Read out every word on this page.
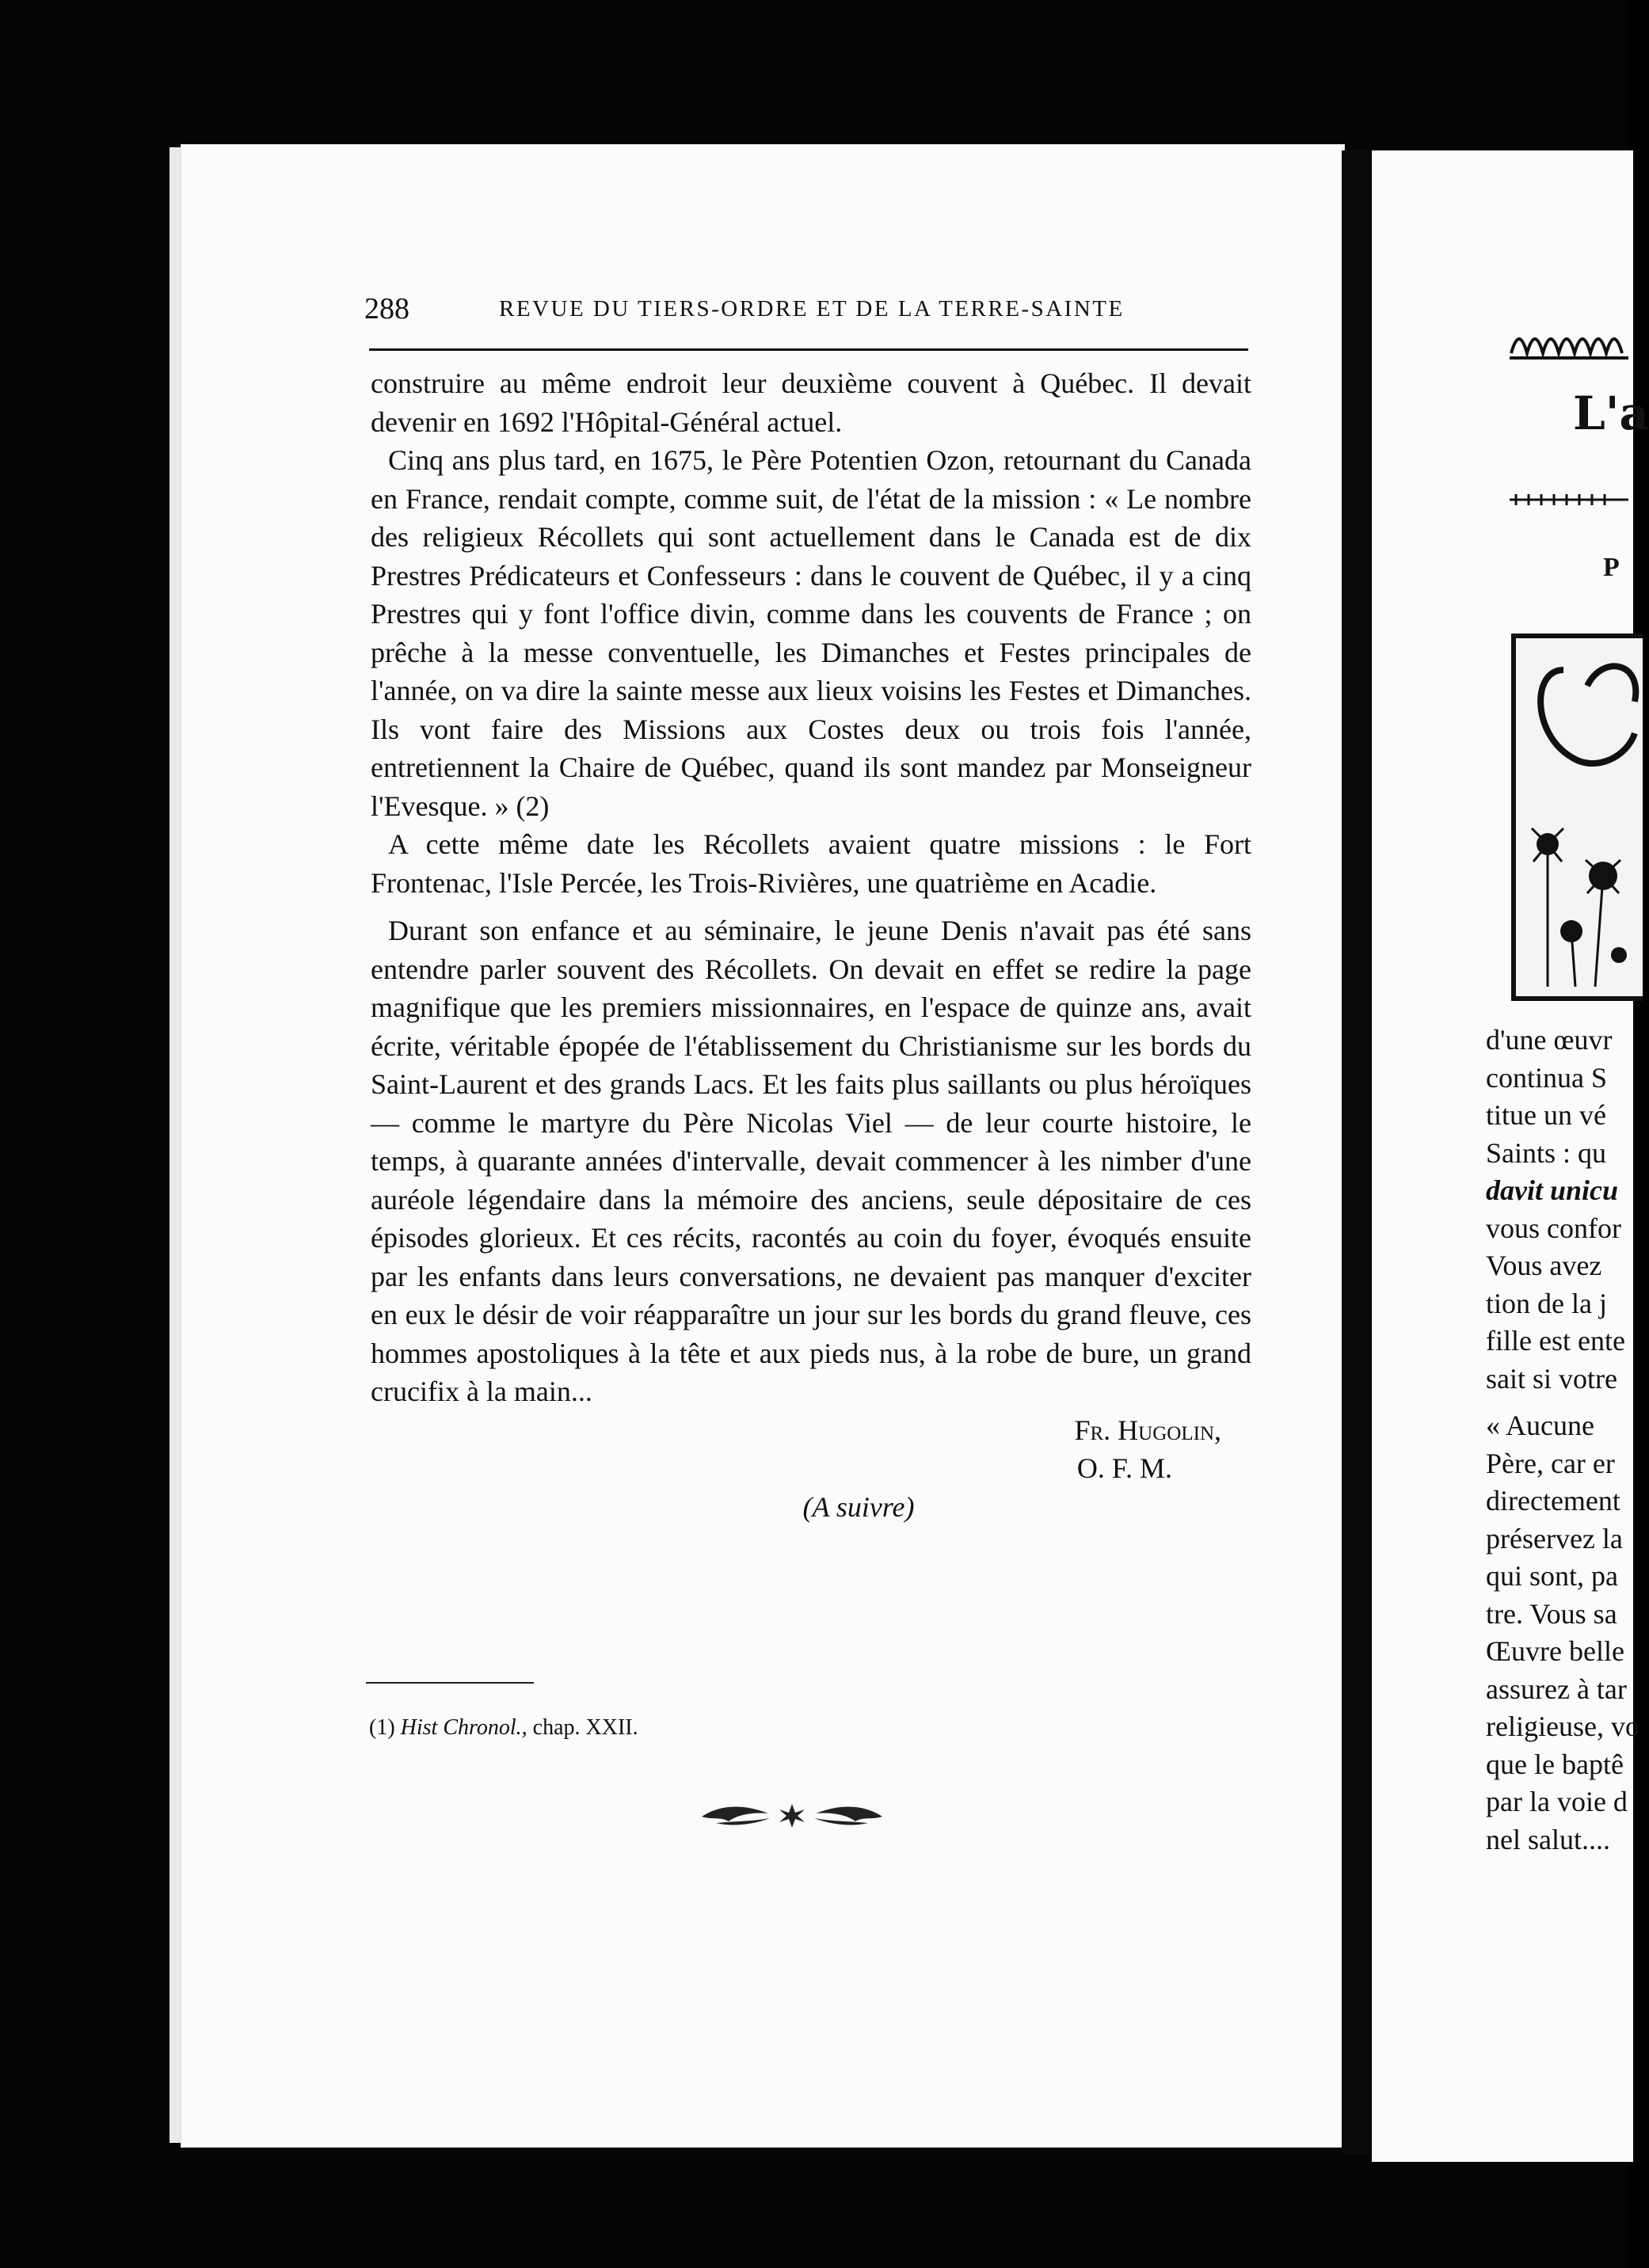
288	REVUE DU TIERS-ORDRE ET DE LA TERRE-SAINTE

construire au même endroit leur deuxième couvent à Québec. Il devait devenir en 1692 l'Hôpital-Général actuel.

Cinq ans plus tard, en 1675, le Père Potentien Ozon, retournant du Canada en France, rendait compte, comme suit, de l'état de la mission : « Le nombre des religieux Récollets qui sont actuellement dans le Canada est de dix Prestres Prédicateurs et Confesseurs : dans le couvent de Québec, il y a cinq Prestres qui y font l'office divin, comme dans les couvents de France ; on prêche à la messe conventuelle, les Dimanches et Festes principales de l'année, on va dire la sainte messe aux lieux voisins les Festes et Dimanches. Ils vont faire des Missions aux Costes deux ou trois fois l'année, entretiennent la Chaire de Québec, quand ils sont mandez par Monseigneur l'Evesque. » (2)

A cette même date les Récollets avaient quatre missions : le Fort Frontenac, l'Isle Percée, les Trois-Rivières, une quatrième en Acadie.

Durant son enfance et au séminaire, le jeune Denis n'avait pas été sans entendre parler souvent des Récollets. On devait en effet se redire la page magnifique que les premiers missionnaires, en l'espace de quinze ans, avait écrite, véritable épopée de l'établissement du Christianisme sur les bords du Saint-Laurent et des grands Lacs. Et les faits plus saillants ou plus héroïques — comme le martyre du Père Nicolas Viel — de leur courte histoire, le temps, à quarante années d'intervalle, devait commencer à les nimber d'une auréole légendaire dans la mémoire des anciens, seule dépositaire de ces épisodes glorieux. Et ces récits, racontés au coin du foyer, évoqués ensuite par les enfants dans leurs conversations, ne devaient pas manquer d'exciter en eux le désir de voir réapparaître un jour sur les bords du grand fleuve, ces hommes apostoliques à la tête et aux pieds nus, à la robe de bure, un grand crucifix à la main...

Fr. Hugolin,

O. F. M.

(A suivre)

(1) Hist Chronol., chap. XXII.
L'a
P
d'une œuvr
continua S
titue un vé
Saints : qu
davit unicu
vous confor
Vous avez
tion de la j
fille est ente
sait si votre
« Aucune
Père, car er
directement
préservez la
qui sont, pa
tre. Vous sa
Œuvre belle
assurez à tar
religieuse, vo
que le baptê
par la voie d
nel salut....
